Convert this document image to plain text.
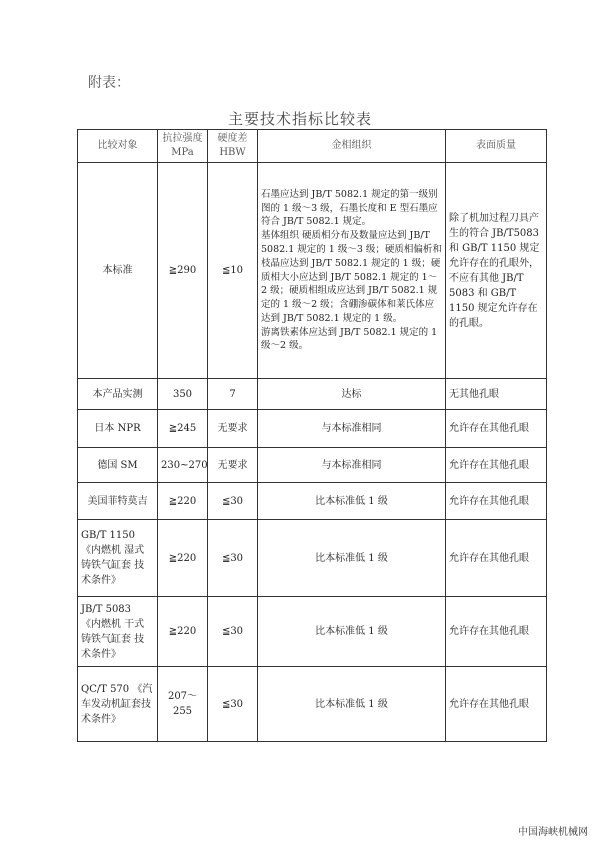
附表：
主要技术指标比较表
比较对象	抗拉强度 MPa	硬度差 HBW	金相组织	表面质量
本标准	≧290	≦10	石墨应达到 JB/T 5082.1 规定的第一级别图的 1 级～3 级，石墨长度和 E 型石墨应符合 JB/T 5082.1 规定。
基体组织 硬质相分布及数量应达到 JB/T 5082.1 规定的 1 级～3 级；硬质相偏析和枝晶应达到 JB/T 5082.1 规定的 1 级；硬质相大小应达到 JB/T 5082.1 规定的 1～2 级；硬质相组成应达到 JB/T 5082.1 规定的 1 级～2 级；含硼渗碳体和莱氏体应达到 JB/T 5082.1 规定的 1 级。
游离铁素体应达到 JB/T 5082.1 规定的 1 级～2 级。	除了机加过程刀具产生的符合 JB/T5083 和 GB/T 1150 规定允许存在的孔眼外，不应有其他 JB/T 5083 和 GB/T 1150 规定允许存在的孔眼。
本产品实测	350	7	达标	无其他孔眼
日本 NPR	≧245	无要求	与本标准相同	允许存在其他孔眼
德国 SM	230~270	无要求	与本标准相同	允许存在其他孔眼
美国菲特莫吉	≧220	≦30	比本标准低 1 级	允许存在其他孔眼
GB/T 1150 《内燃机 湿式铸铁气缸套 技术条件》	≧220	≦30	比本标准低 1 级	允许存在其他孔眼
JB/T 5083 《内燃机 干式铸铁气缸套 技术条件》	≧220	≦30	比本标准低 1 级	允许存在其他孔眼
QC/T 570 《汽车发动机缸套技术条件》	207～255	≦30	比本标准低 1 级	允许存在其他孔眼
中国海峡机械网
